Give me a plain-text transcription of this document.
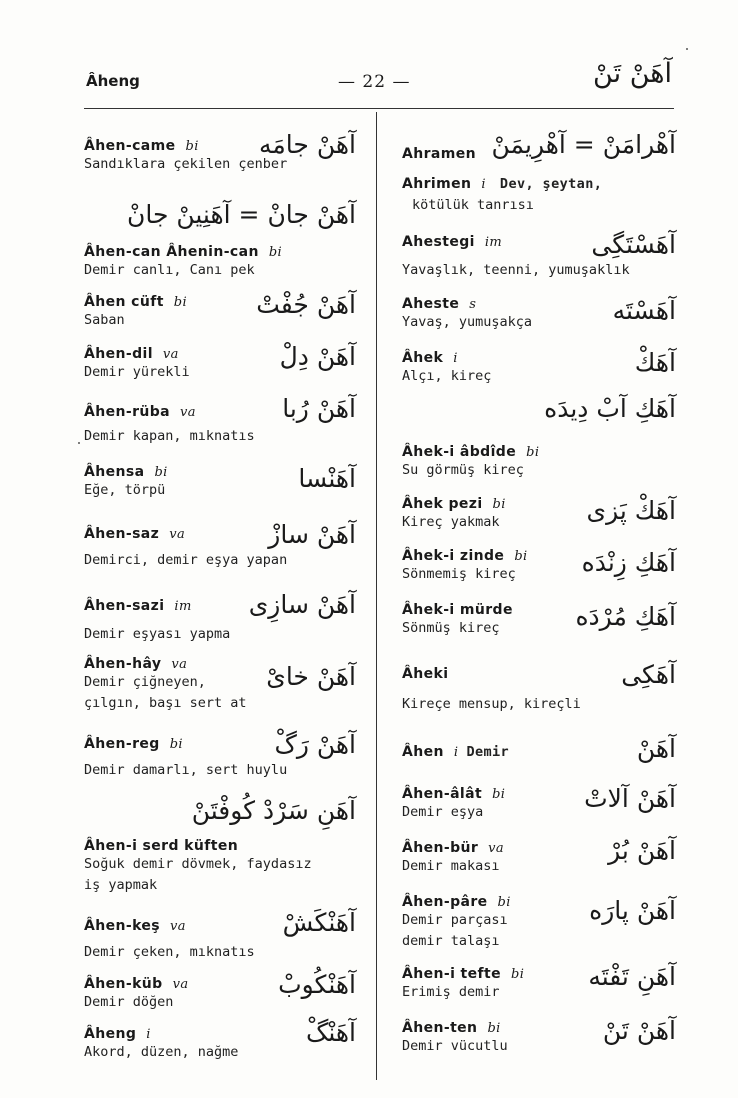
Âheng	— 22 —	آهَنْ تَنْ
آهَنْ جامَه
Âhen-came bi
Sandıklara çekilen çenber
آهَنْ جانْ = آهَنِينْ جانْ
Âhen-can Âhenin-can bi
Demir canlı, Canı pek
آهَنْ جُفْتْ
Âhen cüft bi
Saban
آهَنْ دِلْ
Âhen-dil va
Demir yürekli
آهَنْ رُبا
Âhen-rüba va
Demir kapan, mıknatıs
آهَنْسا
Âhensa bi
Eğe, törpü
آهَنْ سازْ
Âhen-saz va
Demirci, demir eşya yapan
آهَنْ سازِى
Âhen-sazi im
Demir eşyası yapma
آهَنْ خاىْ
Âhen-hây va
Demir çiğneyen,
çılgın, başı sert at
آهَنْ رَگْ
Âhen-reg bi
Demir damarlı, sert huylu
آهَنِ سَرْدْ كُوفْتَنْ
Âhen-i serd küften
Soğuk demir dövmek, faydasız
iş yapmak
آهَنْكَشْ
Âhen-keş va
Demir çeken, mıknatıs
آهَنْكُوبْ
Âhen-küb va
Demir döğen
آهَنْگْ
Âheng i
Akord, düzen, nağme
آهْرامَنْ = آهْرِيمَنْ
Ahramen
Ahrimen i Dev, şeytan,
kötülük tanrısı
آهَسْتَگِى
Ahestegi im
Yavaşlık, teenni, yumuşaklık
آهَسْتَه
Aheste s
Yavaş, yumuşakça
آهَكْ
Âhek i
Alçı, kireç
آهَكِ آبْ دِيدَه
Âhek-i âbdîde bi
Su görmüş kireç
آهَكْ پَزى
Âhek pezi bi
Kireç yakmak
آهَكِ زِنْدَه
Âhek-i zinde bi
Sönmemiş kireç
آهَكِ مُرْدَه
Âhek-i mürde
Sönmüş kireç
آهَكِى
Âheki
Kireçe mensup, kireçli
آهَنْ
Âhen i Demir
آهَنْ آلاتْ
Âhen-âlât bi
Demir eşya
آهَنْ بُرْ
Âhen-bür va
Demir makası
آهَنْ پارَه
Âhen-pâre bi
Demir parçası
demir talaşı
آهَنِ تَفْتَه
Âhen-i tefte bi
Erimiş demir
آهَنْ تَنْ
Âhen-ten bi
Demir vücutlu
